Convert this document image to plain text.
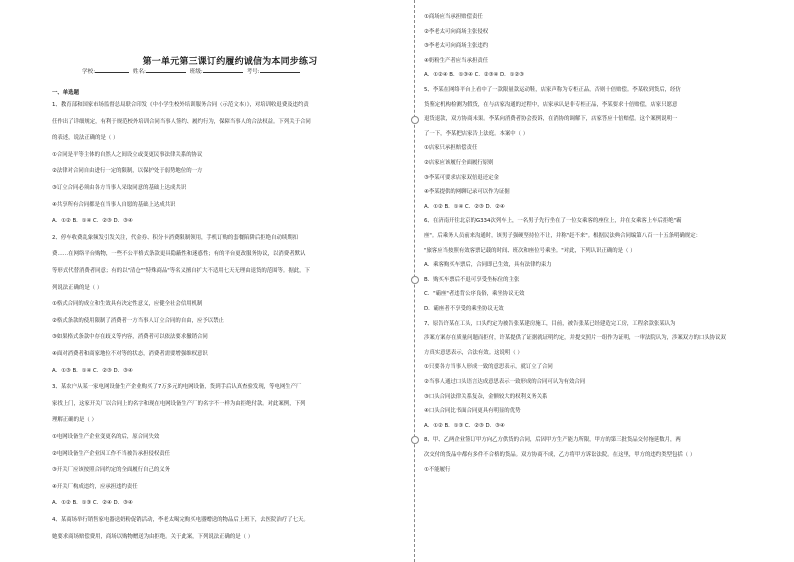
第一单元第三课订约履约诚信为本同步练习
学校:	姓名:	班级:	考号:
一、单选题
1、教育部和国家市场监督总局联合印发《中小学生校外培训服务合同（示范文本）》，对培训收退费及违约责
任作出了详细规定，有利于规范校外培训合同当事人签约、履约行为，保障当事人的合法权益。下列关于合同
的表述，说法正确的是（ ）
①合同是平等主体的自然人之间设立或变更民事法律关系的协议
②法律对合同自由进行一定的限制，以保护处于弱势地位的一方
③订立合同必须由各方当事人采取同意的基础上达成共识
④共享所有合同都是在当事人自愿的基础上达成共识
A．①② B．①④ C．②③ D．③④
2、停车收费乱象频发引发关注，代金券、积分卡消费限制领用，手机订购的套餐陷阱后拒绝自动续期扣
费……在网络平台购物，一些不公平格式条款更具隐蔽性和迷惑性；有的平台更改服务协议，以消费者默认
等形式代替消费者同意；有的以"清仓""特殊商品"等名义擅自扩大不适用七天无理由退货的范围等。据此，下
列说法正确的是（ ）
①格式合同的成立和生效具有决定性意义，应健全社会信用机制
②格式条款的使用限制了消费者一方当事人订立合同的自由，应予以禁止
③如果格式条款中存在歧义等内容，消费者可以依法要求撤销合同
④面对消费者和商家地位不对等的状态，消费者需要增强维权意识
A．①③ B．①④ C．②③ D．③④
3、某农户从某一家电网设备生产企业购买了7万多元的电网设备，货到手后认真查验发现，等电网生产厂
家找上门，这家开关厂以合同上的名字和现在电网设备生产厂的名字不一样为由拒绝付款。对此案例，下列
理解正确的是（ ）
①电网设备生产企业变更名的后，原合同失效
②电网设备生产企业因工作不当被告承担侵权责任
③开关厂应该按照合同约定的全面履行自己的义务
④开关厂构成违约，应承担违约责任
A．①② B．①③ C．②④ D．③④
4、某商场举行销售家电器送奶粉促销活动，李老太喝完购买电器赠送的物品后上班下，去医院治疗了七天。
她要求商场赔偿费用，商场以购物赠送为由拒绝。关于此案，下列说法正确的是（ ）
①商场应当承担赔偿责任
②李老太可向商场主张侵权
③李老太可向商场主张违约
④奶粉生产者应当承担责任
A．①②④ B．①③④ C．②③④ D．①②③
5、李某在网络平台上看中了一款限量款运动鞋，店家声称为专柜正品，否则十倍赔偿。李某收到货后，经仿
货鉴定机构检测为假货，在与店家沟通的过程中，店家承认是非专柜正品，李某要求十倍赔偿，店家只愿意
退货退款，双方协商未果。李某向消费者协会投诉，在消协的调解下，店家答应十倍赔偿。这个案例说明一
了一下，李某把店家告上法庭。本案中（ ）
①店家只承担赔偿责任
②店家应该履行全面履行原则
③李某可要求店家双倍退还定金
④李某提供的网聊记录可以作为证据
A．①② B．①④ C．②③ D．②④
6、在济南开往北京的G334次列车上，一名男子先行坐在了一位女乘客的座位上，并在女乘客上车后拒绝"霸
座"。后乘务人员前来沟通时，该男子强硬坚持位不让，并称"赶不来"。根据民法典合同编第八百一十五条明确规定：
"旅客应当按照有效客票记载的时间、班次和座位号乘坐。"对此，下列认识正确的是（ ）
A．乘客购买车票后，合同即已生效，具有法律约束力
B．购买车票后不退可享受坐标位的主张
C．"霸座"者违背公序良俗，乘坐协议无效
D．霸座者不享受的乘坐协议无效
7、原告许某在工头，口头约定为被告张某建房施工，目前，被告张某已经建造完工房，工程余款张某认为
涉案方案存在质量问题而拒付，许某提供了证据就证明约定，并提交照片一组作为证明，一审法院认为，涉案双方的口头协议双
方真实意思表示，合法有效。这说明（ ）
①只要各方当事人形成一致的意思表示，就订立了合同
②当事人通过口头语言达成意思表示一致形成的合同可认为有效合同
③口头合同法律关系复杂，金额较大的权利义务关系
④口头合同比书面合同更具有明显的优势
A．①② B．①③ C．②③ D．③④
8、甲、乙两企业签订甲方向乙方供货的合同，后因甲方生产能力所限，甲方的第三批货品交付拖延数月，两
次交付的货品中都有多件不合格的货品。双方协商不成，乙方将甲方诉讼法院。在这里，甲方的违约类型包括（ ）
①不能履行
